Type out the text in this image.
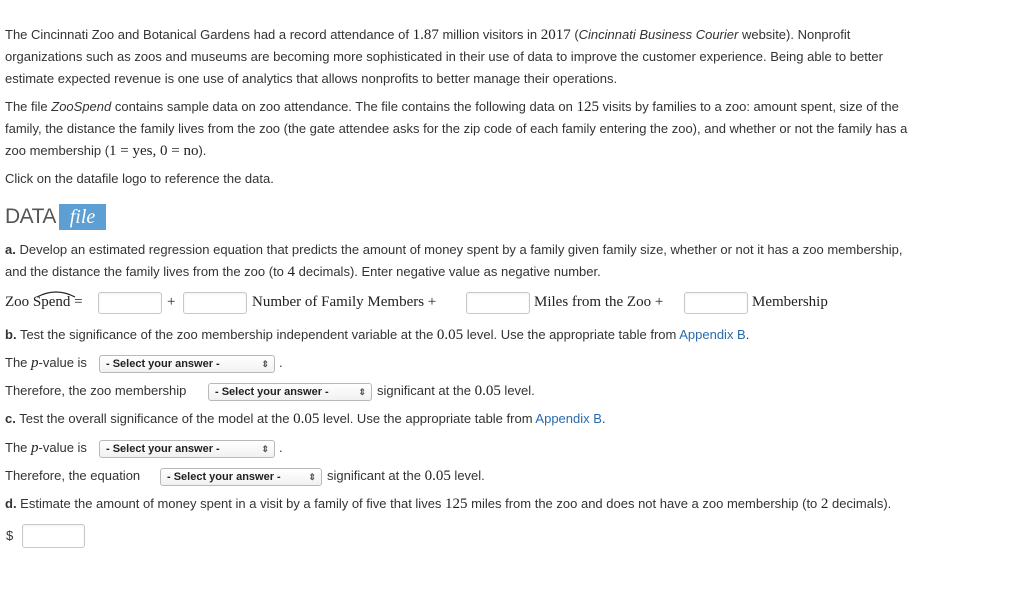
The Cincinnati Zoo and Botanical Gardens had a record attendance of 1.87 million visitors in 2017 (Cincinnati Business Courier website). Nonprofit
organizations such as zoos and museums are becoming more sophisticated in their use of data to improve the customer experience. Being able to better
estimate expected revenue is one use of analytics that allows nonprofits to better manage their operations.
The file ZooSpend contains sample data on zoo attendance. The file contains the following data on 125 visits by families to a zoo: amount spent, size of the
family, the distance the family lives from the zoo (the gate attendee asks for the zip code of each family entering the zoo), and whether or not the family has a
zoo membership (1 = yes, 0 = no).
Click on the datafile logo to reference the data.
DATA file
a. Develop an estimated regression equation that predicts the amount of money spent by a family given family size, whether or not it has a zoo membership,
and the distance the family lives from the zoo (to 4 decimals). Enter negative value as negative number.
Zoo Spend =	+	Number of Family Members +	Miles from the Zoo +	Membership
b. Test the significance of the zoo membership independent variable at the 0.05 level. Use the appropriate table from Appendix B.
The p-value is	- Select your answer -	⇕ .
Therefore, the zoo membership	- Select your answer -	⇕ significant at the 0.05 level.
c. Test the overall significance of the model at the 0.05 level. Use the appropriate table from Appendix B.
The p-value is	- Select your answer -	⇕ .
Therefore, the equation	- Select your answer -	⇕ significant at the 0.05 level.
d. Estimate the amount of money spent in a visit by a family of five that lives 125 miles from the zoo and does not have a zoo membership (to 2 decimals).
$
